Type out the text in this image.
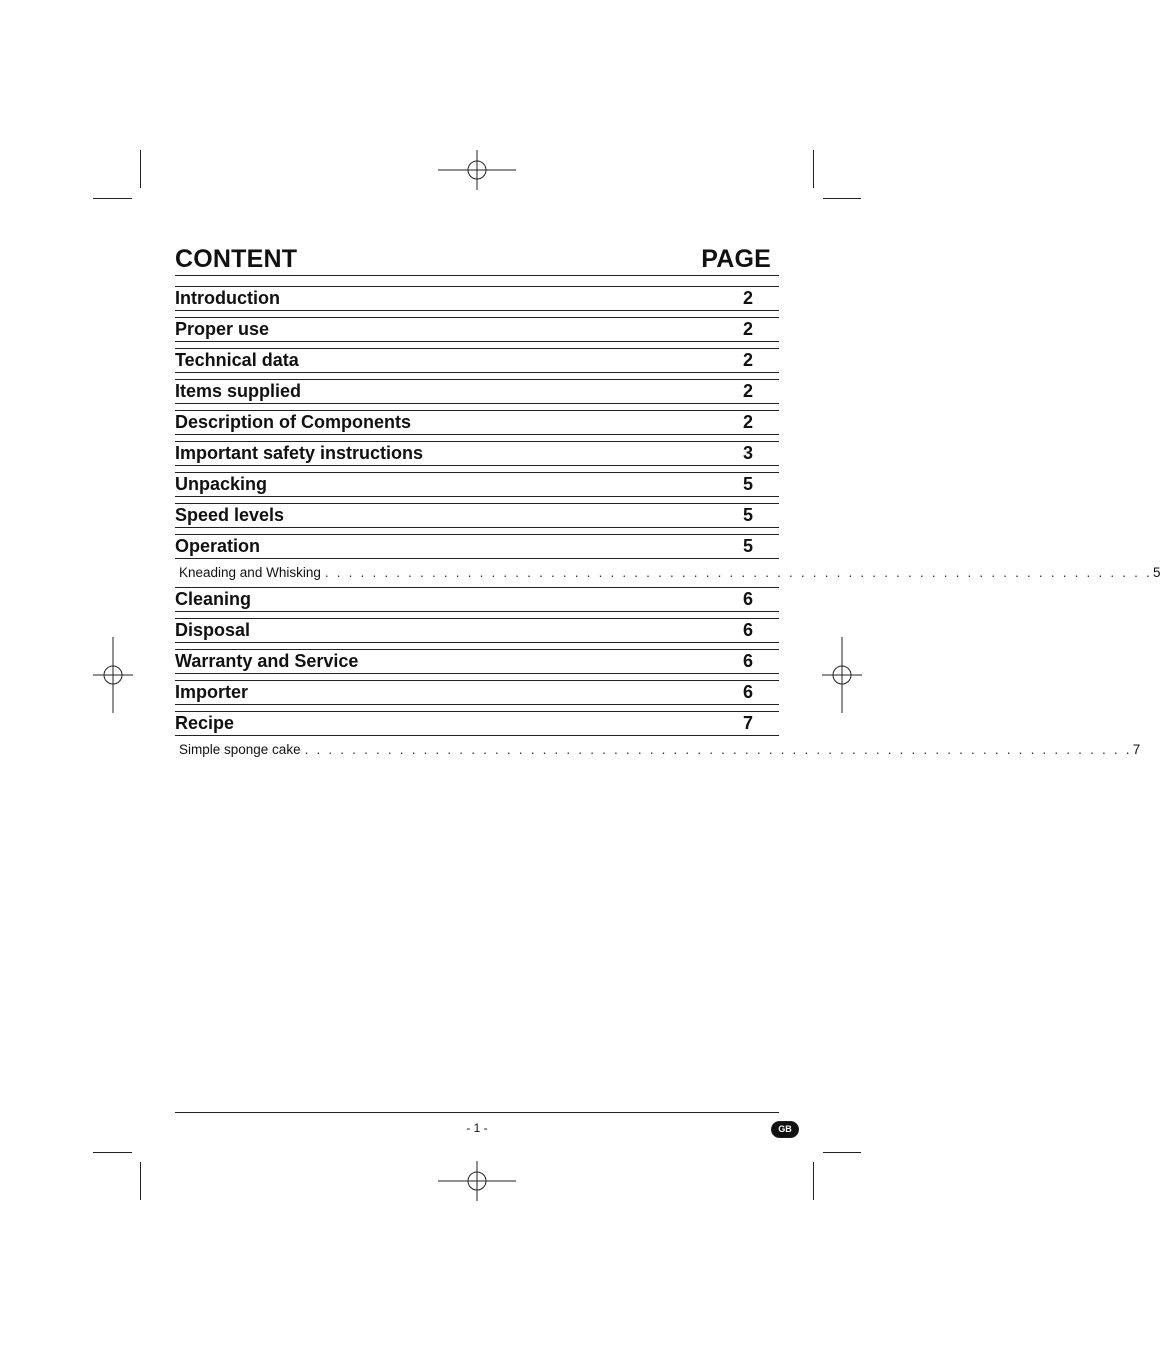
CONTENT	PAGE
Introduction	2
Proper use	2
Technical data	2
Items supplied	2
Description of Components	2
Important safety instructions	3
Unpacking	5
Speed levels	5
Operation	5
Kneading and Whisking . . . . . . . . . . . . . . . . . . . . . . . . . . . . . . . . . . . . . . . . . . . . . . . . . . . . . . . . . . . . . . . . . . . . . . 5
Cleaning	6
Disposal	6
Warranty and Service	6
Importer	6
Recipe	7
Simple sponge cake . . . . . . . . . . . . . . . . . . . . . . . . . . . . . . . . . . . . . . . . . . . . . . . . . . . . . . . . . . . . . . . . . . . . . . 7
- 1 -	GB
